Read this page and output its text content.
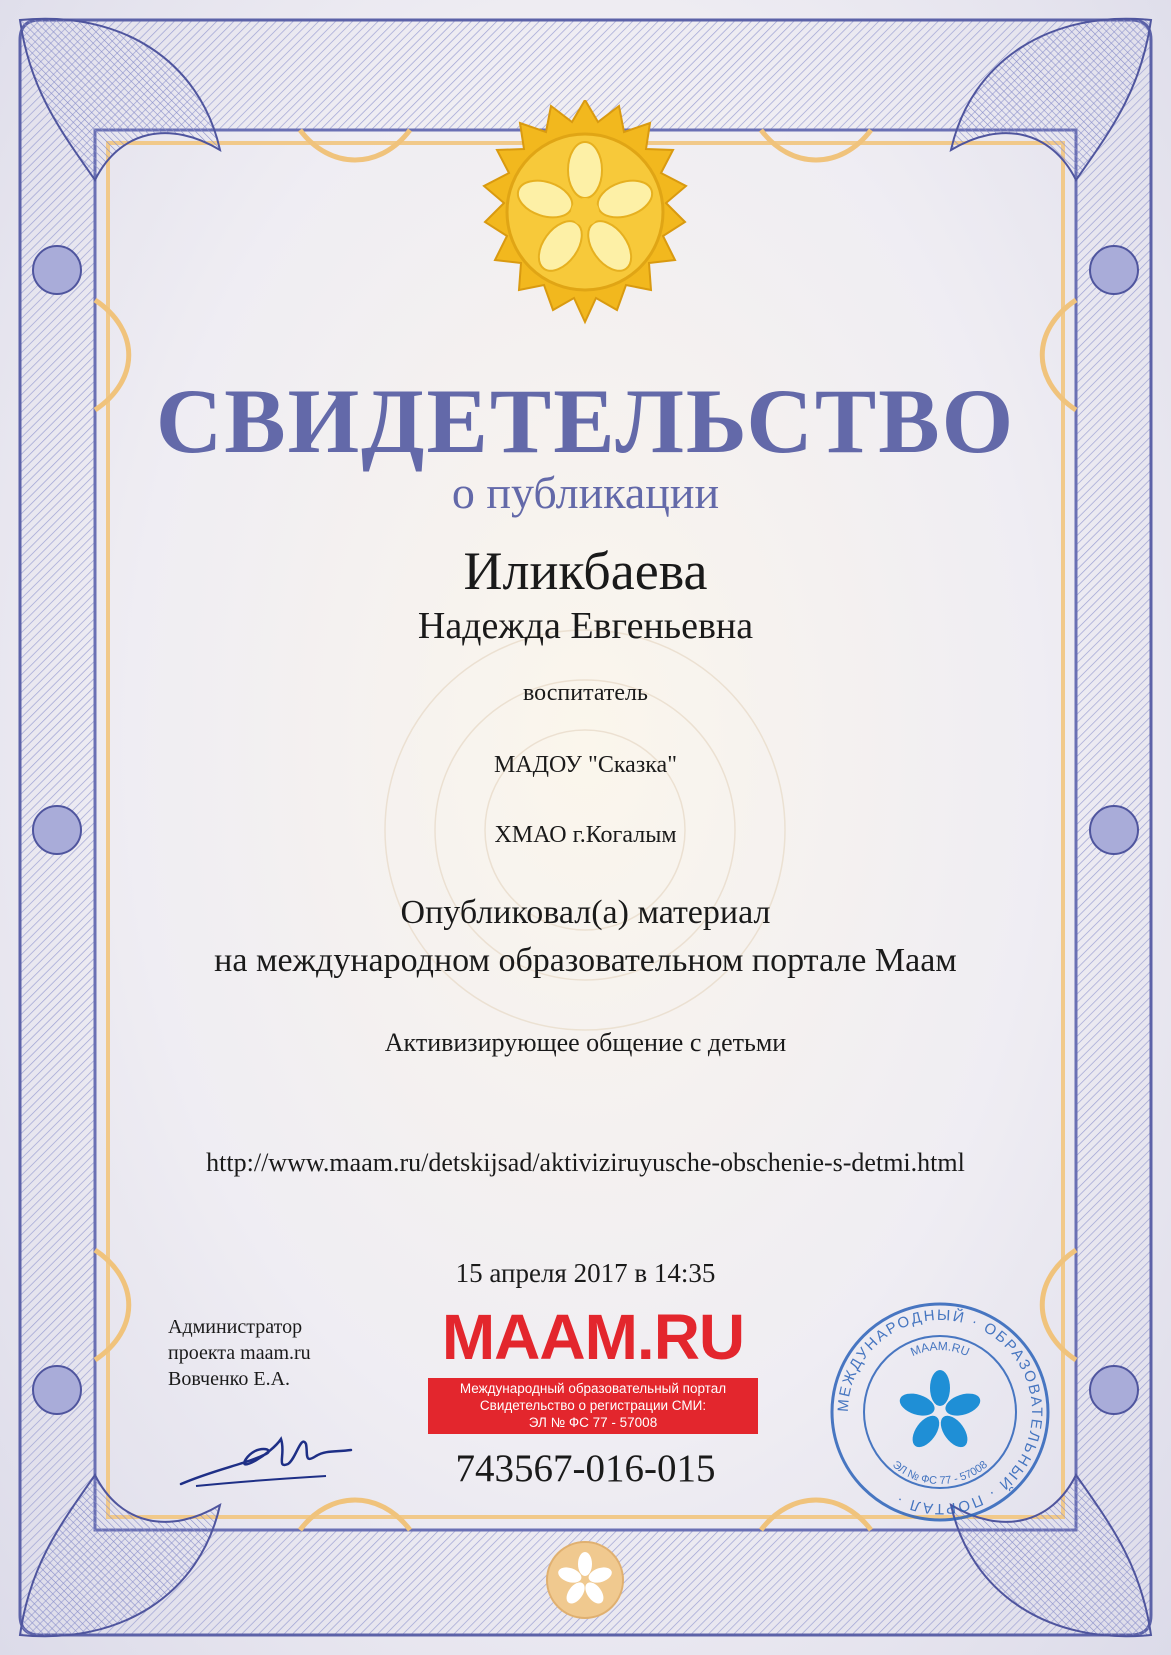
СВИДЕТЕЛЬСТВО
о публикации
Иликбаева
Надежда Евгеньевна
воспитатель
МАДОУ "Сказка"
ХМАО г.Когалым
Опубликовал(а) материал
на международном образовательном портале Маам
Активизирующее общение с детьми
http://www.maam.ru/detskijsad/aktiviziruyusche-obschenie-s-detmi.html
15 апреля 2017 в 14:35
Администратор
проекта maam.ru
Вовченко Е.А.
MAAM.RU
Международный образовательный портал
Свидетельство о регистрации СМИ:
ЭЛ № ФС 77 - 57008
743567-016-015
МЕЖДУНАРОДНЫЙ · ОБРАЗОВАТЕЛЬНЫЙ · ПОРТАЛ ·
MAAM.RU
ЭЛ № ФС 77 - 57008
